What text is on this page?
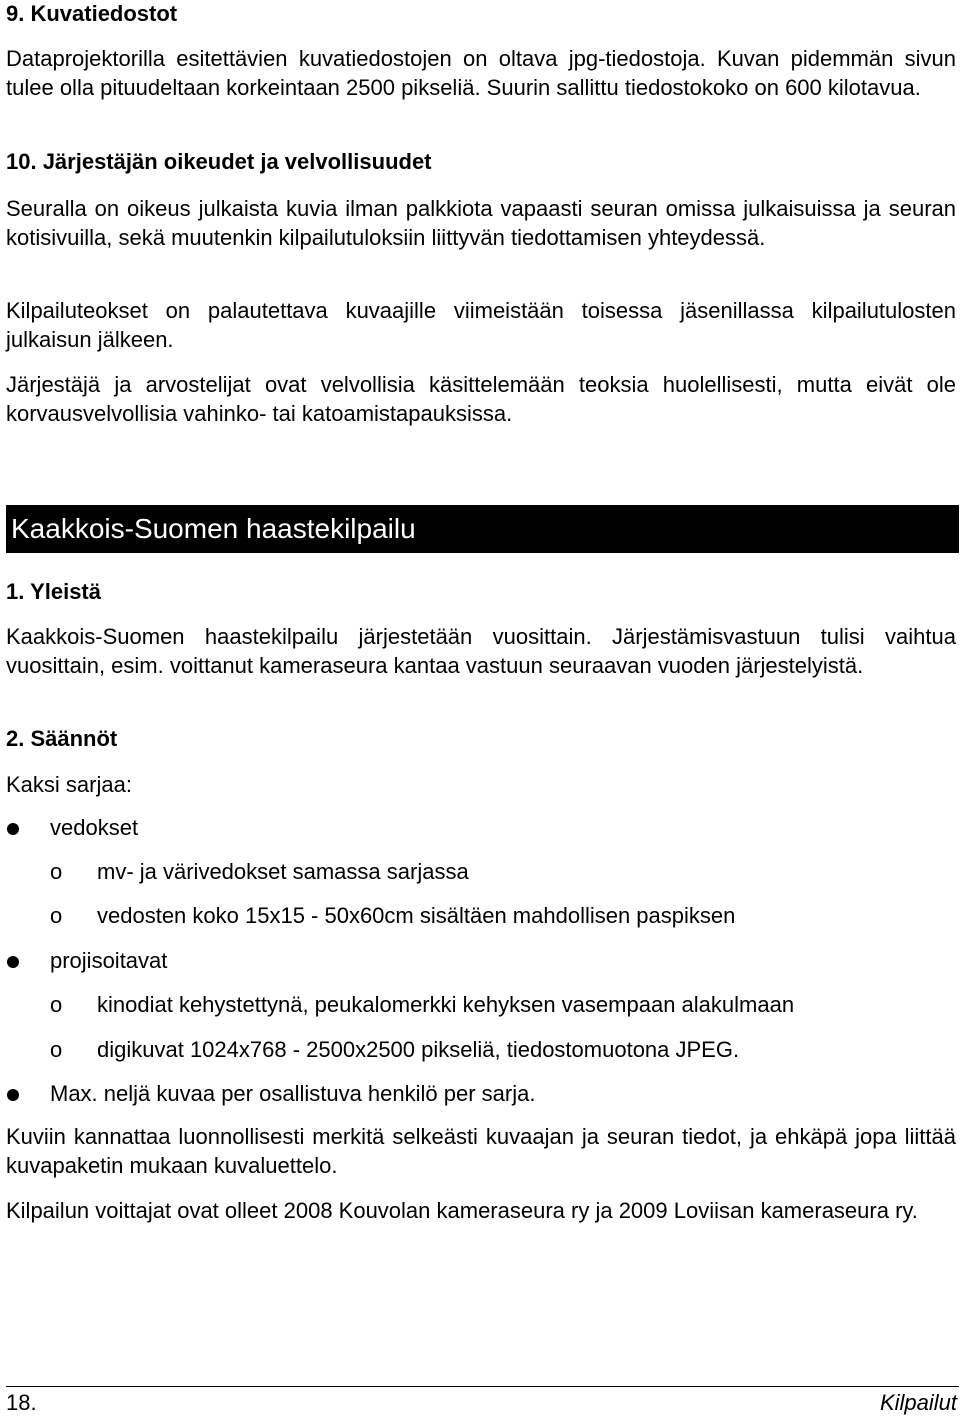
9. Kuvatiedostot

Dataprojektorilla esitettävien kuvatiedostojen on oltava jpg-tiedostoja. Kuvan pidemmän sivun tulee olla pituudeltaan korkeintaan 2500 pikseliä. Suurin sallittu tiedostokoko on 600 kilotavua.

10. Järjestäjän oikeudet ja velvollisuudet

Seuralla on oikeus julkaista kuvia ilman palkkiota vapaasti seuran omissa julkaisuissa ja seuran kotisivuilla, sekä muutenkin kilpailutuloksiin liittyvän tiedottamisen yhteydessä.

Kilpailuteokset on palautettava kuvaajille viimeistään toisessa jäsenillassa kilpailutulosten julkaisun jälkeen.

Järjestäjä ja arvostelijat ovat velvollisia käsittelemään teoksia huolellisesti, mutta eivät ole korvausvelvollisia vahinko- tai katoamistapauksissa.

Kaakkois-Suomen haastekilpailu
1. Yleistä

Kaakkois-Suomen haastekilpailu järjestetään vuosittain. Järjestämisvastuun tulisi vaihtua vuosittain, esim. voittanut kameraseura kantaa vastuun seuraavan vuoden järjestelyistä.

2. Säännöt

Kaksi sarjaa:

vedokset
o mv- ja värivedokset samassa sarjassa
o vedosten koko 15x15 - 50x60cm sisältäen mahdollisen paspiksen
projisoitavat
o kinodiat kehystettynä, peukalomerkki kehyksen vasempaan alakulmaan
o digikuvat 1024x768 - 2500x2500 pikseliä, tiedostomuotona JPEG.
Max. neljä kuvaa per osallistuva henkilö per sarja.

Kuviin kannattaa luonnollisesti merkitä selkeästi kuvaajan ja seuran tiedot, ja ehkäpä jopa liittää kuvapaketin mukaan kuvaluettelo.

Kilpailun voittajat ovat olleet 2008 Kouvolan kameraseura ry ja 2009 Loviisan kameraseura ry.

18.	Kilpailut
